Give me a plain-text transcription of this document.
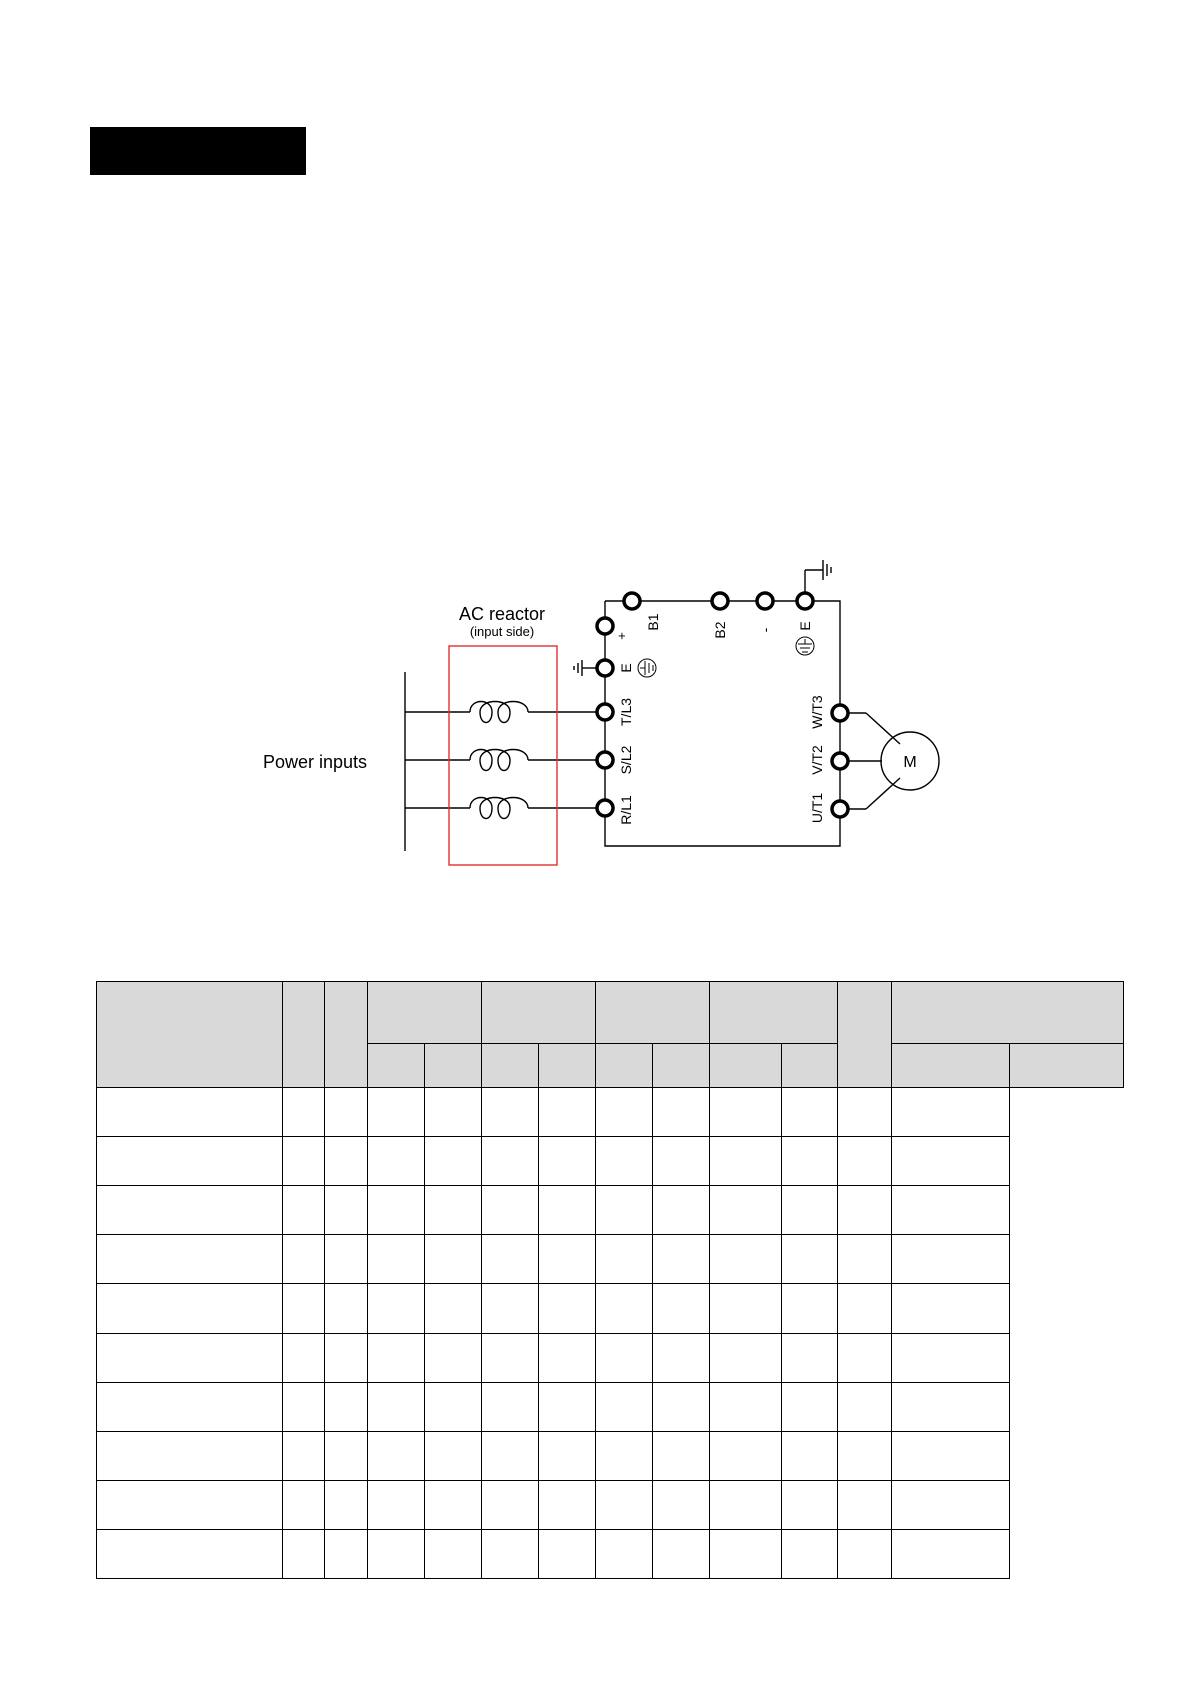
AC reactor
(input side)
Power inputs	M
+
B1	B2 - E
E
T/L3
S/L2
R/L1
W/T3
V/T2
U/T1
